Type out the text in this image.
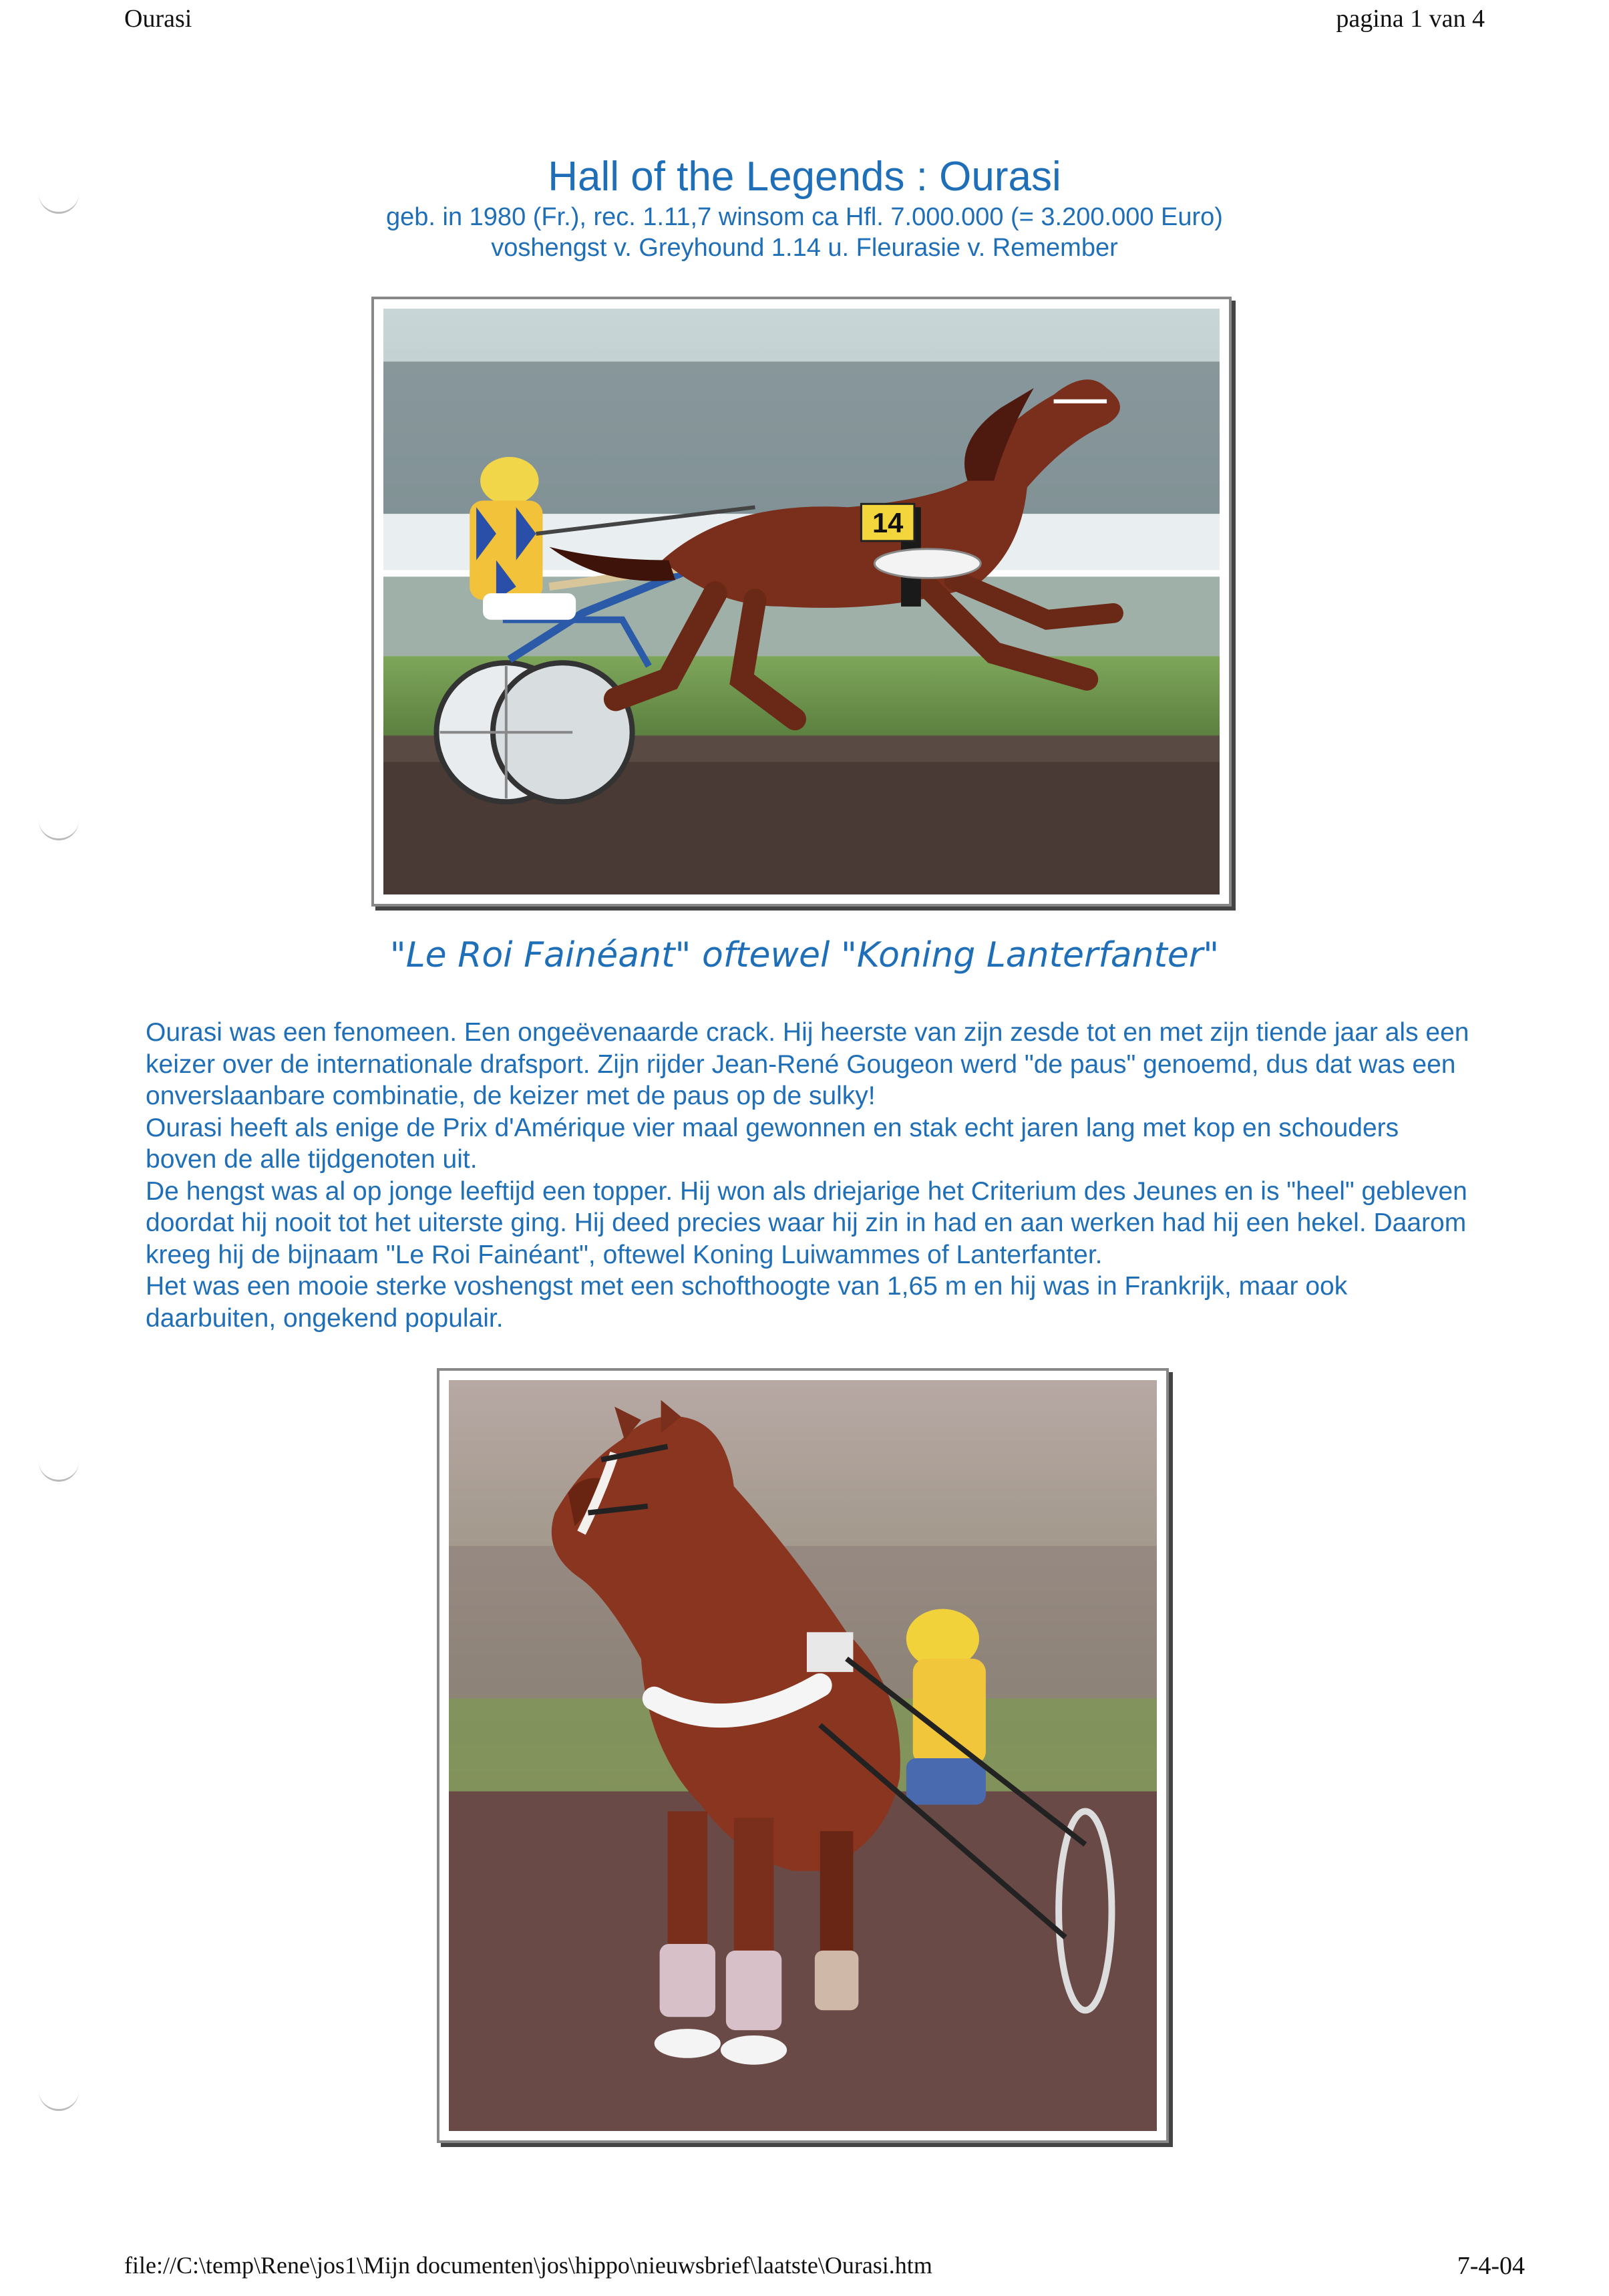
Ourasi	pagina 1 van 4
Hall of the Legends : Ourasi
geb. in 1980 (Fr.), rec. 1.11,7 winsom ca Hfl. 7.000.000 (= 3.200.000 Euro)
voshengst v. Greyhound 1.14 u. Fleurasie v. Remember
14
"Le Roi Fainéant" oftewel "Koning Lanterfanter"

Ourasi was een fenomeen. Een ongeëvenaarde crack. Hij heerste van zijn zesde tot en met zijn tiende jaar als een keizer over de internationale drafsport. Zijn rijder Jean-René Gougeon werd "de paus" genoemd, dus dat was een onverslaanbare combinatie, de keizer met de paus op de sulky!

Ourasi heeft als enige de Prix d'Amérique vier maal gewonnen en stak echt jaren lang met kop en schouders boven de alle tijdgenoten uit.

De hengst was al op jonge leeftijd een topper. Hij won als driejarige het Criterium des Jeunes en is "heel" gebleven doordat hij nooit tot het uiterste ging. Hij deed precies waar hij zin in had en aan werken had hij een hekel. Daarom kreeg hij de bijnaam "Le Roi Fainéant", oftewel Koning Luiwammes of Lanterfanter.

Het was een mooie sterke voshengst met een schofthoogte van 1,65 m en hij was in Frankrijk, maar ook daarbuiten, ongekend populair.

file://C:\temp\Rene\jos1\Mijn documenten\jos\hippo\nieuwsbrief\laatste\Ourasi.htm	7-4-04
